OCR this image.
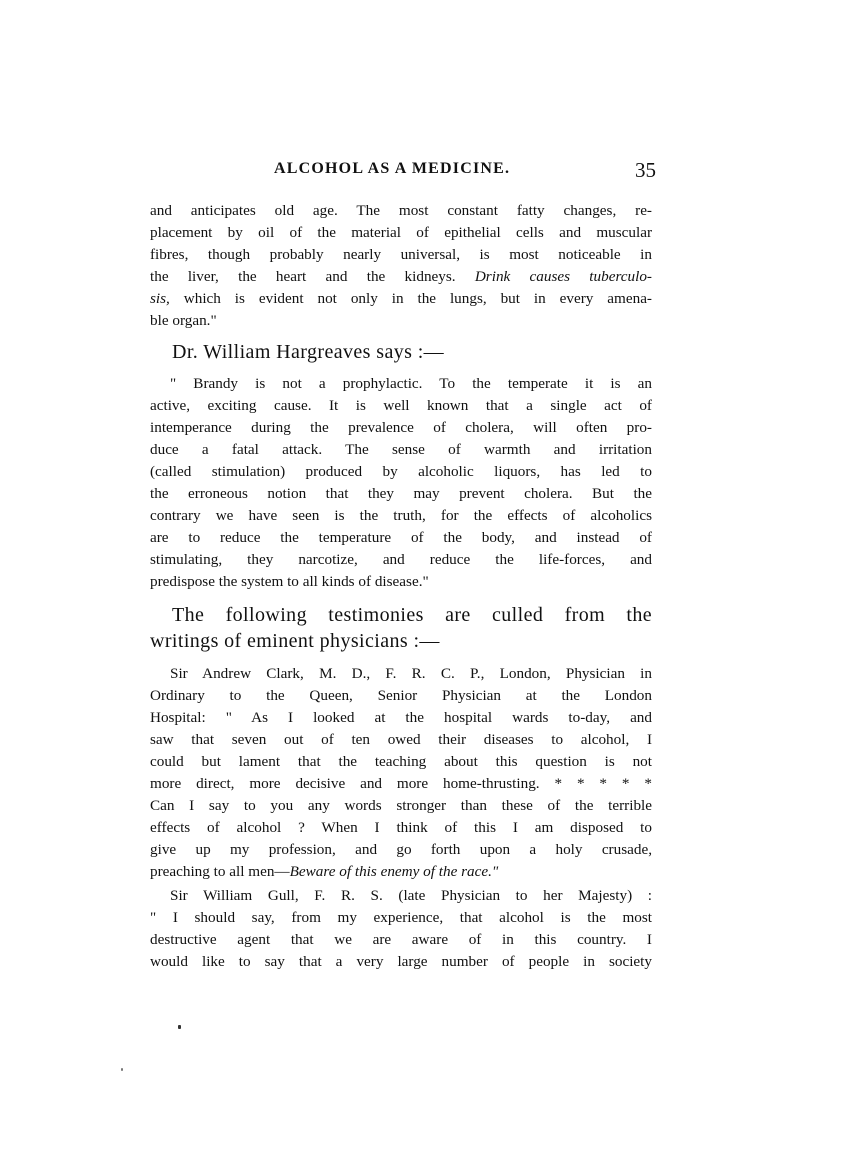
ALCOHOL AS A MEDICINE.	35
and anticipates old age. The most constant fatty changes, re-
placement by oil of the material of epithelial cells and muscular
fibres, though probably nearly universal, is most noticeable in
the liver, the heart and the kidneys. Drink causes tuberculo-
sis, which is evident not only in the lungs, but in every amena-
ble organ."
Dr. William Hargreaves says :—
" Brandy is not a prophylactic. To the temperate it is an
active, exciting cause. It is well known that a single act of
intemperance during the prevalence of cholera, will often pro-
duce a fatal attack. The sense of warmth and irritation
(called stimulation) produced by alcoholic liquors, has led to
the erroneous notion that they may prevent cholera. But the
contrary we have seen is the truth, for the effects of alcoholics
are to reduce the temperature of the body, and instead of
stimulating, they narcotize, and reduce the life-forces, and
predispose the system to all kinds of disease."
The following testimonies are culled from the
writings of eminent physicians :—
Sir Andrew Clark, M. D., F. R. C. P., London, Physician in
Ordinary to the Queen, Senior Physician at the London
Hospital: " As I looked at the hospital wards to-day, and
saw that seven out of ten owed their diseases to alcohol, I
could but lament that the teaching about this question is not
more direct, more decisive and more home-thrusting. * * * * *
Can I say to you any words stronger than these of the terrible
effects of alcohol ? When I think of this I am disposed to
give up my profession, and go forth upon a holy crusade,
preaching to all men—Beware of this enemy of the race."
Sir William Gull, F. R. S. (late Physician to her Majesty) :
" I should say, from my experience, that alcohol is the most
destructive agent that we are aware of in this country. I
would like to say that a very large number of people in society
